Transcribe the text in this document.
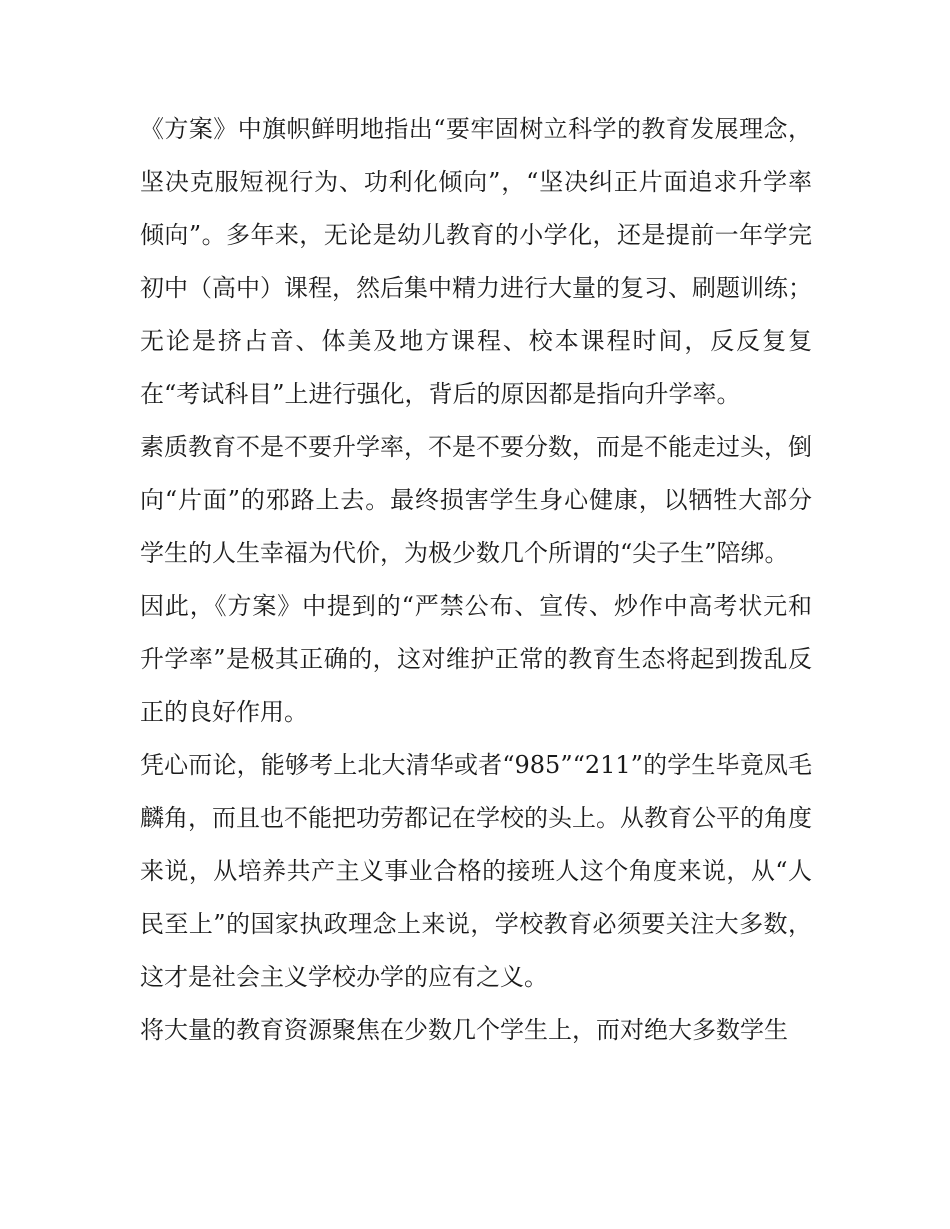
《方案》中旗帜鲜明地指出“要牢固树立科学的教育发展理念，坚决克服短视行为、功利化倾向”，“坚决纠正片面追求升学率倾向”。多年来，无论是幼儿教育的小学化，还是提前一年学完初中（高中）课程，然后集中精力进行大量的复习、刷题训练；无论是挤占音、体美及地方课程、校本课程时间，反反复复在“考试科目”上进行强化，背后的原因都是指向升学率。

素质教育不是不要升学率，不是不要分数，而是不能走过头，倒向“片面”的邪路上去。最终损害学生身心健康，以牺牲大部分学生的人生幸福为代价，为极少数几个所谓的“尖子生”陪绑。

因此，《方案》中提到的“严禁公布、宣传、炒作中高考状元和升学率”是极其正确的，这对维护正常的教育生态将起到拨乱反正的良好作用。

凭心而论，能够考上北大清华或者“985”“211”的学生毕竟凤毛麟角，而且也不能把功劳都记在学校的头上。从教育公平的角度来说，从培养共产主义事业合格的接班人这个角度来说，从“人民至上”的国家执政理念上来说，学校教育必须要关注大多数，这才是社会主义学校办学的应有之义。

将大量的教育资源聚焦在少数几个学生上，而对绝大多数学生
